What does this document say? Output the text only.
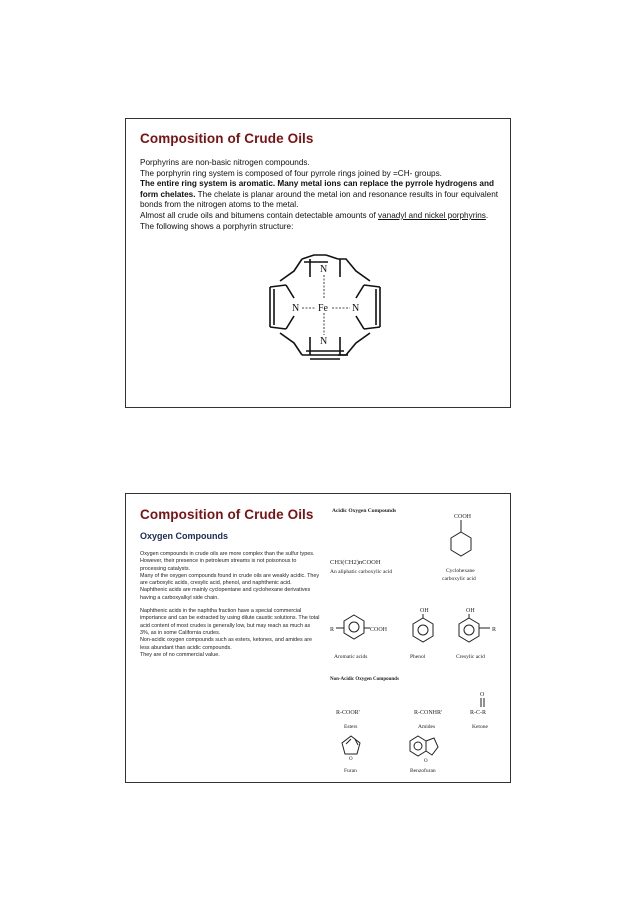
Composition of Crude Oils

Porphyrins are non-basic nitrogen compounds.

The porphyrin ring system is composed of four pyrrole rings joined by =CH- groups.

The entire ring system is aromatic. Many metal ions can replace the pyrrole hydrogens and form chelates. The chelate is planar around the metal ion and resonance results in four equivalent bonds from the nitrogen atoms to the metal.

Almost all crude oils and bitumens contain detectable amounts of vanadyl and nickel porphyrins. The following shows a porphyrin structure:

N
N
N	N
Fe
Composition of Crude Oils
Oxygen Compounds

Oxygen compounds in crude oils are more complex than the sulfur types. However, their presence in petroleum streams is not poisonous to processing catalysts.

Many of the oxygen compounds found in crude oils are weakly acidic. They are carboxylic acids, cresylic acid, phenol, and naphthenic acid. Naphthenic acids are mainly cyclopentane and cyclohexane derivatives having a carboxyalkyl side chain.

Naphthenic acids in the naphtha fraction have a special commercial importance and can be extracted by using dilute caustic solutions. The total acid content of most crudes is generally low, but may reach as much as 3%, as in some California crudes.

Non-acidic oxygen compounds such as esters, ketones, and amides are less abundant than acidic compounds.

They are of no commercial value.

Acidic Oxygen Compounds
COOH
CH3(CH2)nCOOH
An aliphatic carboxylic acid	Cyclohexane
carboxylic acid
OH	OH
R	COOH	R
Aromatic acids	Phenol	Cresylic acid
Non-Acidic Oxygen Compounds
O
R-COOR'	R-CONHR'	R-C-R
Esters	Amides	Ketone
O	O
Furan	Benzofuran
